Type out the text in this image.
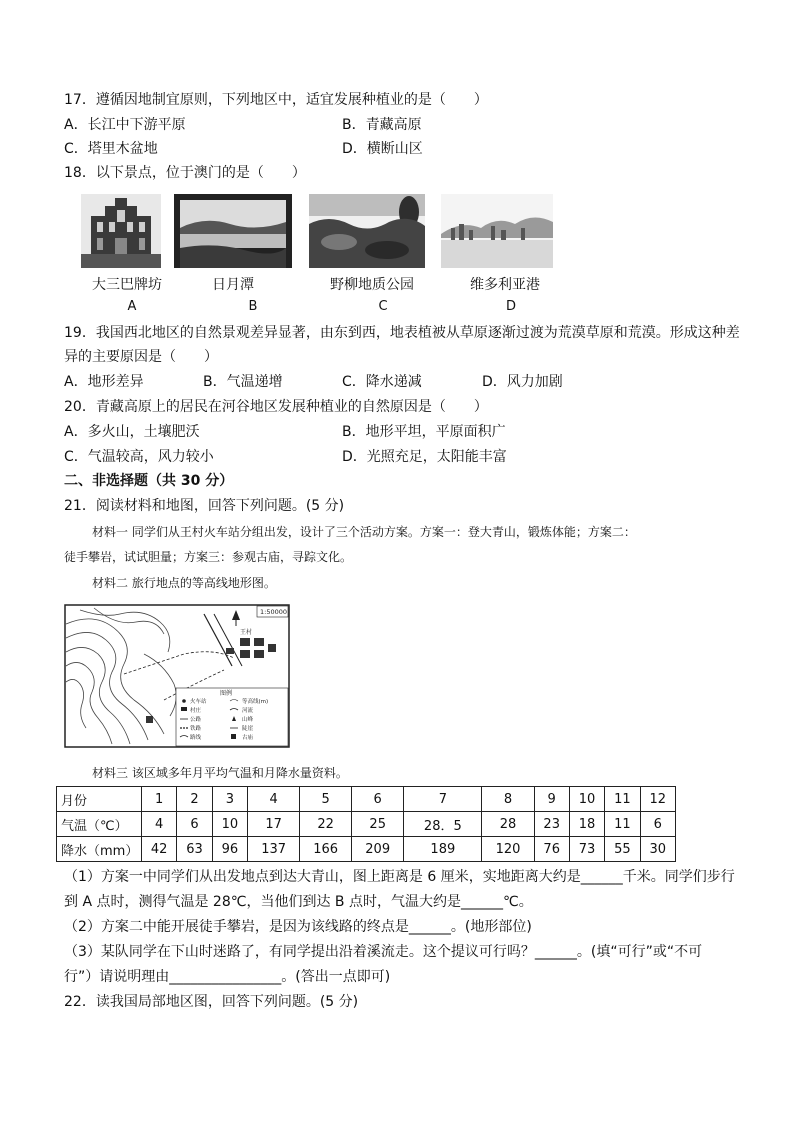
17．遵循因地制宜原则，下列地区中，适宜发展种植业的是（　　）
A．长江中下游平原	B．青藏高原
C．塔里木盆地	D．横断山区
18．以下景点，位于澳门的是（　　）
大三巴牌坊	日月潭	野柳地质公园	维多利亚港
A	B	C	D
19．我国西北地区的自然景观差异显著，由东到西，地表植被从草原逐渐过渡为荒漠草原和荒漠。形成这种差
异的主要原因是（　　）
A．地形差异	B．气温递增	C．降水递减	D．风力加剧
20．青藏高原上的居民在河谷地区发展种植业的自然原因是（　　）
A．多火山，土壤肥沃	B．地形平坦，平原面积广
C．气温较高，风力较小	D．光照充足，太阳能丰富
二、非选择题（共 30 分）
21．阅读材料和地图，回答下列问题。(5 分)
材料一 同学们从王村火车站分组出发，设计了三个活动方案。方案一：登大青山，锻炼体能；方案二：
徒手攀岩，试试胆量；方案三：参观古庙，寻踪文化。
材料二 旅行地点的等高线地形图。
王村
1:50000
图例
火车站	等高线(m)
村庄	河流
公路	山峰
铁路	陡崖
路线	古庙
材料三 该区域多年月平均气温和月降水量资料。
月份	1	2	3	4	5	6	7	8	9	10	11	12
气温（℃）	4	6	10	17	22	25	28．5	28	23	18	11	6
降水（mm）	42	63	96	137	166	209	189	120	76	73	55	30
（1）方案一中同学们从出发地点到达大青山，图上距离是 6 厘米，实地距离大约是______千米。同学们步行
到 A 点时，测得气温是 28℃，当他们到达 B 点时，气温大约是______℃。
（2）方案二中能开展徒手攀岩，是因为该线路的终点是______。(地形部位)
（3）某队同学在下山时迷路了，有同学提出沿着溪流走。这个提议可行吗？______。(填“可行”或“不可
行”）请说明理由________________。(答出一点即可)
22．读我国局部地区图，回答下列问题。(5 分)
